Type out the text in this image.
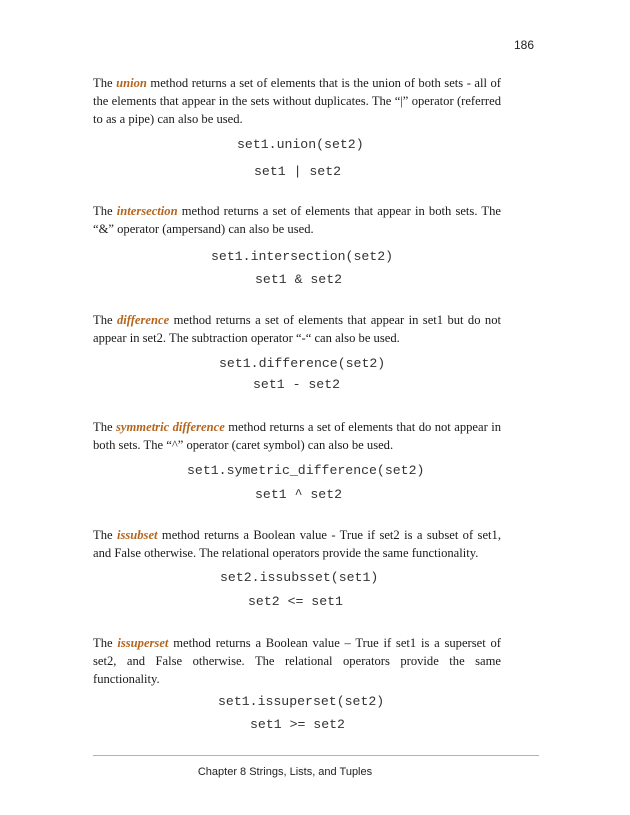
186

The union method returns a set of elements that is the union of both sets - all of the elements that appear in the sets without duplicates. The “|” operator (referred to as a pipe) can also be used.

set1.union(set2)
set1 | set2

The intersection method returns a set of elements that appear in both sets. The “&” operator (ampersand) can also be used.

set1.intersection(set2)
set1 & set2

The difference method returns a set of elements that appear in set1 but do not appear in set2. The subtraction operator “-“ can also be used.

set1.difference(set2)
set1 - set2

The symmetric difference method returns a set of elements that do not appear in both sets. The “^” operator (caret symbol) can also be used.

set1.symetric_difference(set2)
set1 ^ set2

The issubset method returns a Boolean value - True if set2 is a subset of set1, and False otherwise. The relational operators provide the same functionality.

set2.issubsset(set1)
set2 <= set1

The issuperset method returns a Boolean value – True if set1 is a superset of set2, and False otherwise. The relational operators provide the same functionality.

set1.issuperset(set2)
set1 >= set2
Chapter 8 Strings, Lists, and Tuples
